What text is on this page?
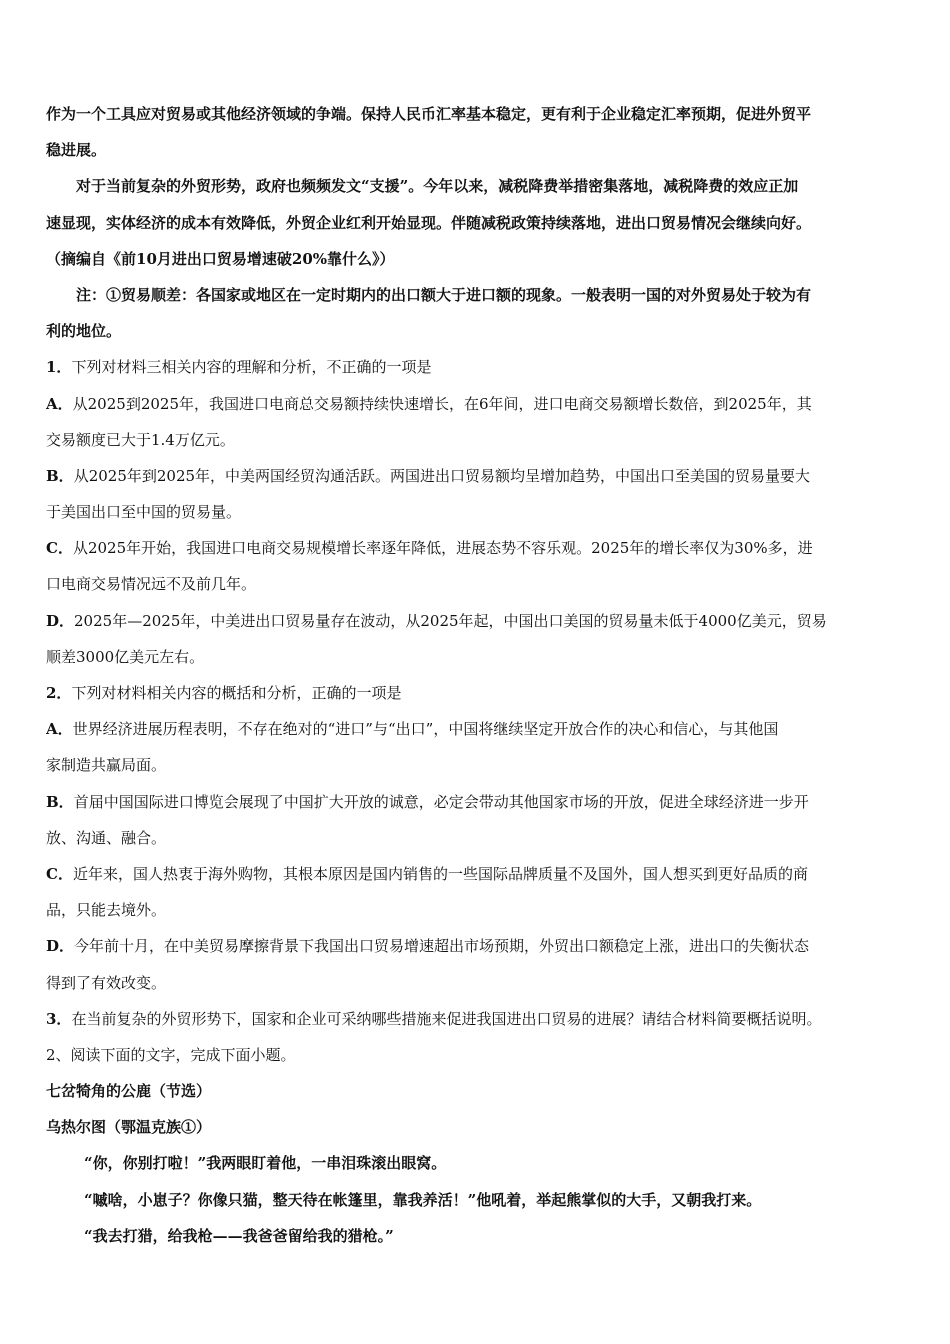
作为一个工具应对贸易或其他经济领域的争端。保持人民币汇率基本稳定，更有利于企业稳定汇率预期，促进外贸平
稳进展。
对于当前复杂的外贸形势，政府也频频发文“支援”。今年以来，减税降费举措密集落地，减税降费的效应正加
速显现，实体经济的成本有效降低，外贸企业红利开始显现。伴随减税政策持续落地，进出口贸易情况会继续向好。
（摘编自《前10月进出口贸易增速破20%靠什么》）
注：①贸易顺差：各国家或地区在一定时期内的出口额大于进口额的现象。一般表明一国的对外贸易处于较为有
利的地位。
1．下列对材料三相关内容的理解和分析，不正确的一项是
A．从2025到2025年，我国进口电商总交易额持续快速增长，在6年间，进口电商交易额增长数倍，到2025年，其
交易额度已大于1.4万亿元。
B．从2025年到2025年，中美两国经贸沟通活跃。两国进出口贸易额均呈增加趋势，中国出口至美国的贸易量要大
于美国出口至中国的贸易量。
C．从2025年开始，我国进口电商交易规模增长率逐年降低，进展态势不容乐观。2025年的增长率仅为30%多，进
口电商交易情况远不及前几年。
D．2025年—2025年，中美进出口贸易量存在波动，从2025年起，中国出口美国的贸易量未低于4000亿美元，贸易
顺差3000亿美元左右。
2．下列对材料相关内容的概括和分析，正确的一项是
A．世界经济进展历程表明，不存在绝对的“进口”与“出口”，中国将继续坚定开放合作的决心和信心，与其他国
家制造共赢局面。
B．首届中国国际进口博览会展现了中国扩大开放的诚意，必定会带动其他国家市场的开放，促进全球经济进一步开
放、沟通、融合。
C．近年来，国人热衷于海外购物，其根本原因是国内销售的一些国际品牌质量不及国外，国人想买到更好品质的商
品，只能去境外。
D．今年前十月，在中美贸易摩擦背景下我国出口贸易增速超出市场预期，外贸出口额稳定上涨，进出口的失衡状态
得到了有效改变。
3．在当前复杂的外贸形势下，国家和企业可采纳哪些措施来促进我国进出口贸易的进展？请结合材料简要概括说明。
2、阅读下面的文字，完成下面小题。
七岔犄角的公鹿（节选）
乌热尔图（鄂温克族①）
“你，你别打啦！”我两眼盯着他，一串泪珠滚出眼窝。
“嘁啥，小崽子？你像只猫，整天待在帐篷里，靠我养活！”他吼着，举起熊掌似的大手，又朝我打来。
“我去打猎，给我枪——我爸爸留给我的猎枪。”
